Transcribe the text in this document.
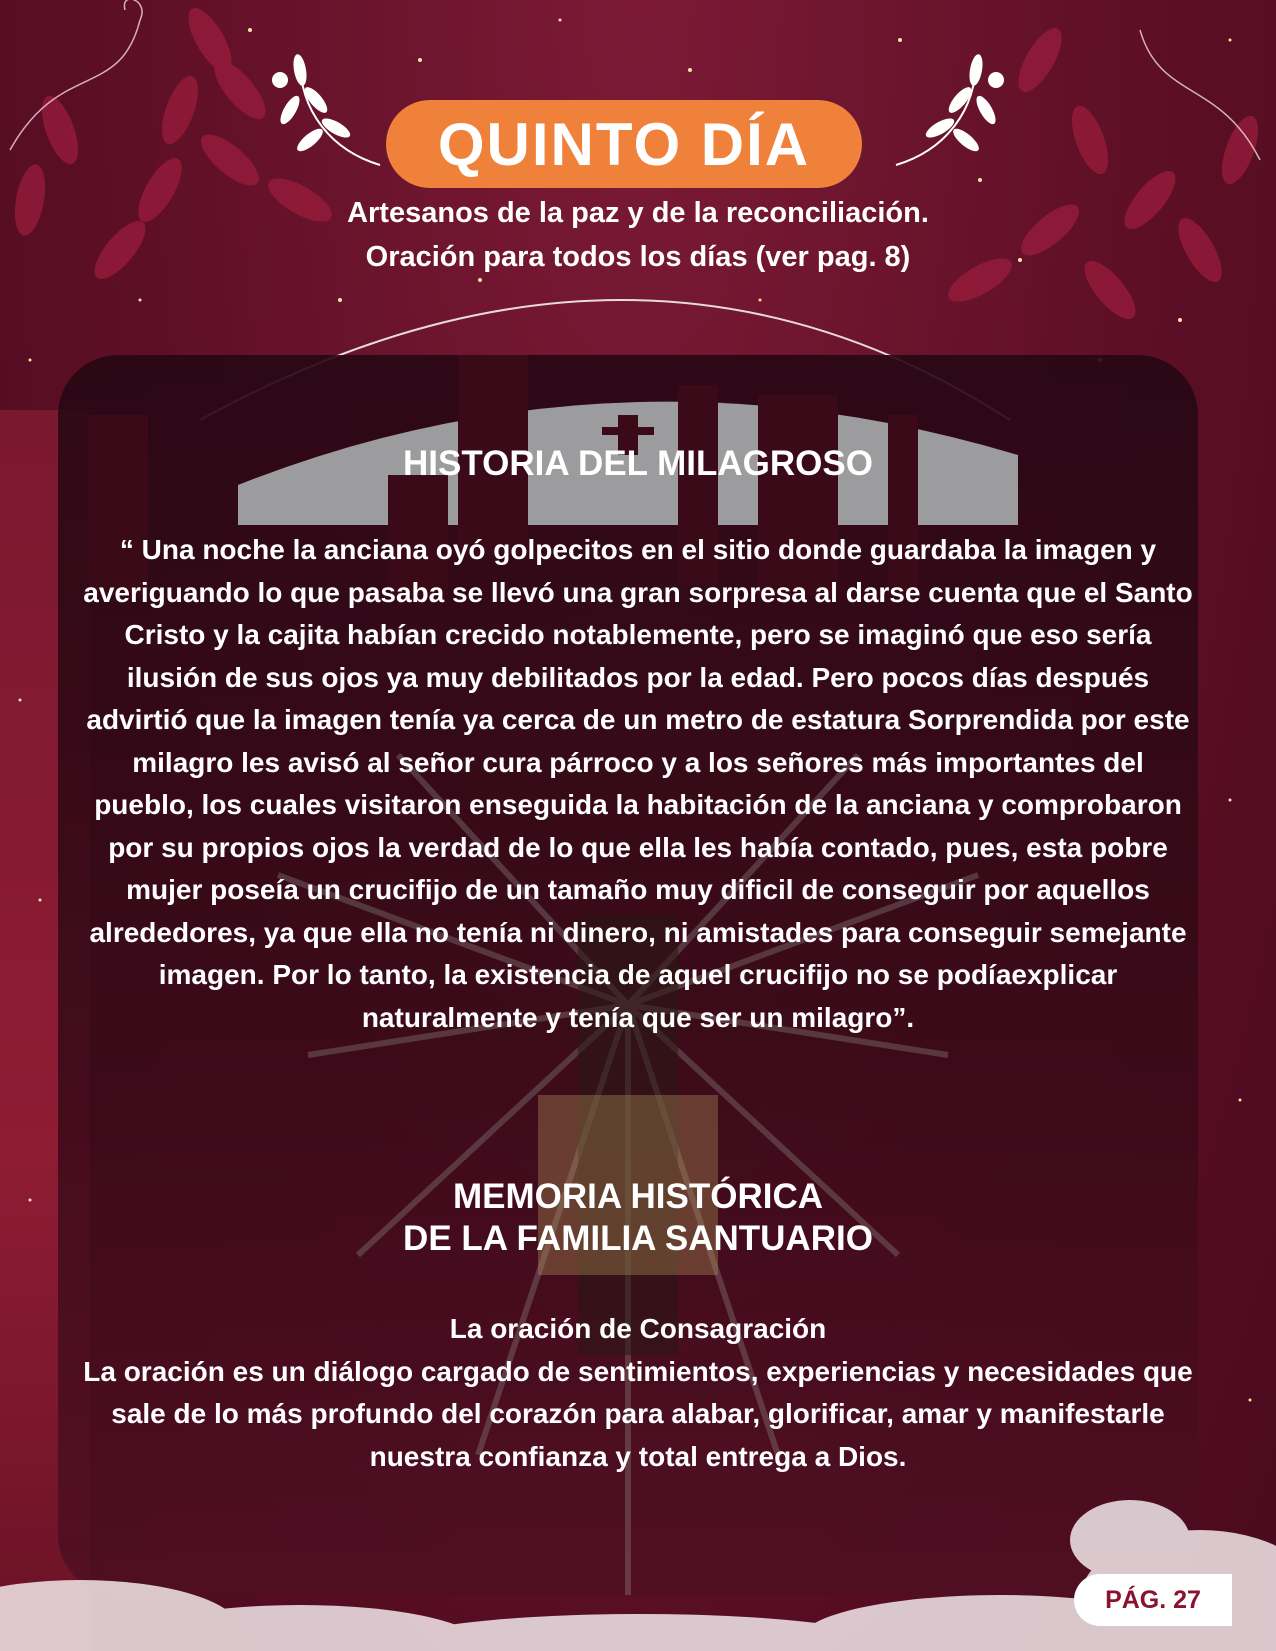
QUINTO DÍA
Artesanos de la paz y de la reconciliación.
Oración para todos los días (ver pag. 8)
HISTORIA DEL MILAGROSO
“ Una noche la anciana oyó golpecitos en el sitio donde guardaba la imagen y averiguando lo que pasaba se llevó una gran sorpresa al darse cuenta que el Santo Cristo y la cajita habían crecido notablemente, pero se imaginó que eso sería ilusión de sus ojos ya muy debilitados por la edad. Pero pocos días después advirtió que la imagen tenía ya cerca de un metro de estatura Sorprendida por este milagro les avisó al señor cura párroco y a los señores más importantes del pueblo, los cuales visitaron enseguida la habitación de la anciana y comprobaron por su propios ojos la verdad de lo que ella les había contado, pues, esta pobre mujer poseía un crucifijo de un tamaño muy dificil de conseguir por aquellos alrededores, ya que ella no tenía ni dinero, ni amistades para conseguir semejante imagen. Por lo tanto, la existencia de aquel crucifijo no se podíaexplicar naturalmente y tenía que ser un milagro”.
MEMORIA HISTÓRICA
DE LA FAMILIA SANTUARIO
La oración de Consagración
La oración es un diálogo cargado de sentimientos, experiencias y necesidades que sale de lo más profundo del corazón para alabar, glorificar, amar y manifestarle nuestra confianza y total entrega a Dios.
PÁG. 27
